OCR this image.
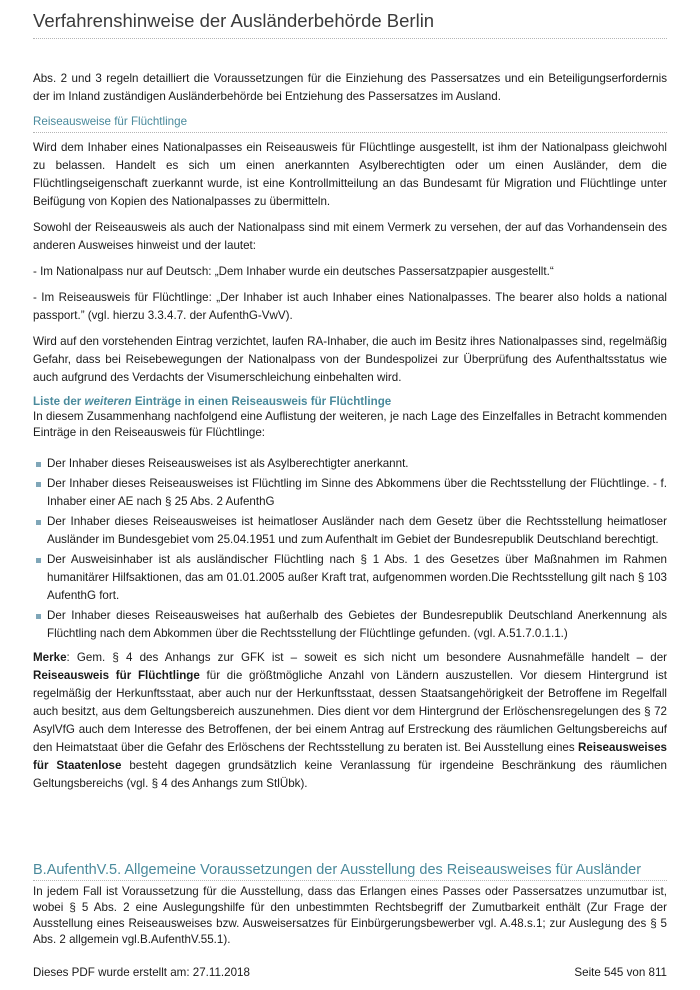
Verfahrenshinweise der Ausländerbehörde Berlin

Abs. 2 und 3 regeln detailliert die Voraussetzungen für die Einziehung des Passersatzes und ein Beteiligungserfordernis der im Inland zuständigen Ausländerbehörde bei Entziehung des Passersatzes im Ausland.

Reiseausweise für Flüchtlinge

Wird dem Inhaber eines Nationalpasses ein Reiseausweis für Flüchtlinge ausgestellt, ist ihm der Nationalpass gleichwohl zu belassen. Handelt es sich um einen anerkannten Asylberechtigten oder um einen Ausländer, dem die Flüchtlingseigenschaft zuerkannt wurde, ist eine Kontrollmitteilung an das Bundesamt für Migration und Flüchtlinge unter Beifügung von Kopien des Nationalpasses zu übermitteln.

Sowohl der Reiseausweis als auch der Nationalpass sind mit einem Vermerk zu versehen, der auf das Vorhandensein des anderen Ausweises hinweist und der lautet:

- Im Nationalpass nur auf Deutsch: „Dem Inhaber wurde ein deutsches Passersatzpapier ausgestellt.“

- Im Reiseausweis für Flüchtlinge: „Der Inhaber ist auch Inhaber eines Nationalpasses. The bearer also holds a national passport.” (vgl. hierzu 3.3.4.7. der AufenthG-VwV).

Wird auf den vorstehenden Eintrag verzichtet, laufen RA-Inhaber, die auch im Besitz ihres Nationalpasses sind, regelmäßig Gefahr, dass bei Reisebewegungen der Nationalpass von der Bundespolizei zur Überprüfung des Aufenthaltsstatus wie auch aufgrund des Verdachts der Visumerschleichung einbehalten wird.

Liste der weiteren Einträge in einen Reiseausweis für Flüchtlinge

In diesem Zusammenhang nachfolgend eine Auflistung der weiteren, je nach Lage des Einzelfalles in Betracht kommenden Einträge in den Reiseausweis für Flüchtlinge:

Der Inhaber dieses Reiseausweises ist als Asylberechtigter anerkannt.
Der Inhaber dieses Reiseausweises ist Flüchtling im Sinne des Abkommens über die Rechtsstellung der Flüchtlinge. - f. Inhaber einer AE nach § 25 Abs. 2 AufenthG
Der Inhaber dieses Reiseausweises ist heimatloser Ausländer nach dem Gesetz über die Rechtsstellung heimatloser Ausländer im Bundesgebiet vom 25.04.1951 und zum Aufenthalt im Gebiet der Bundesrepublik Deutschland berechtigt.
Der Ausweisinhaber ist als ausländischer Flüchtling nach § 1 Abs. 1 des Gesetzes über Maßnahmen im Rahmen humanitärer Hilfsaktionen, das am 01.01.2005 außer Kraft trat, aufgenommen worden.Die Rechtsstellung gilt nach § 103 AufenthG fort.
Der Inhaber dieses Reiseausweises hat außerhalb des Gebietes der Bundesrepublik Deutschland Anerkennung als Flüchtling nach dem Abkommen über die Rechtsstellung der Flüchtlinge gefunden. (vgl. A.51.7.0.1.1.)

Merke: Gem. § 4 des Anhangs zur GFK ist – soweit es sich nicht um besondere Ausnahmefälle handelt – der Reiseausweis für Flüchtlinge für die größtmögliche Anzahl von Ländern auszustellen. Vor diesem Hintergrund ist regelmäßig der Herkunftsstaat, aber auch nur der Herkunftsstaat, dessen Staatsangehörigkeit der Betroffene im Regelfall auch besitzt, aus dem Geltungsbereich auszunehmen. Dies dient vor dem Hintergrund der Erlöschensregelungen des § 72 AsylVfG auch dem Interesse des Betroffenen, der bei einem Antrag auf Erstreckung des räumlichen Geltungsbereichs auf den Heimatstaat über die Gefahr des Erlöschens der Rechtsstellung zu beraten ist. Bei Ausstellung eines Reiseausweises für Staatenlose besteht dagegen grundsätzlich keine Veranlassung für irgendeine Beschränkung des räumlichen Geltungsbereichs (vgl. § 4 des Anhangs zum StlÜbk).

B.AufenthV.5. Allgemeine Voraussetzungen der Ausstellung des Reiseausweises für Ausländer

In jedem Fall ist Voraussetzung für die Ausstellung, dass das Erlangen eines Passes oder Passersatzes unzumutbar ist, wobei § 5 Abs. 2 eine Auslegungshilfe für den unbestimmten Rechtsbegriff der Zumutbarkeit enthält (Zur Frage der Ausstellung eines Reiseausweises bzw. Ausweisersatzes für Einbürgerungsbewerber vgl. A.48.s.1; zur Auslegung des § 5 Abs. 2 allgemein vgl.B.AufenthV.55.1).

Dieses PDF wurde erstellt am: 27.11.2018	Seite 545 von 811
